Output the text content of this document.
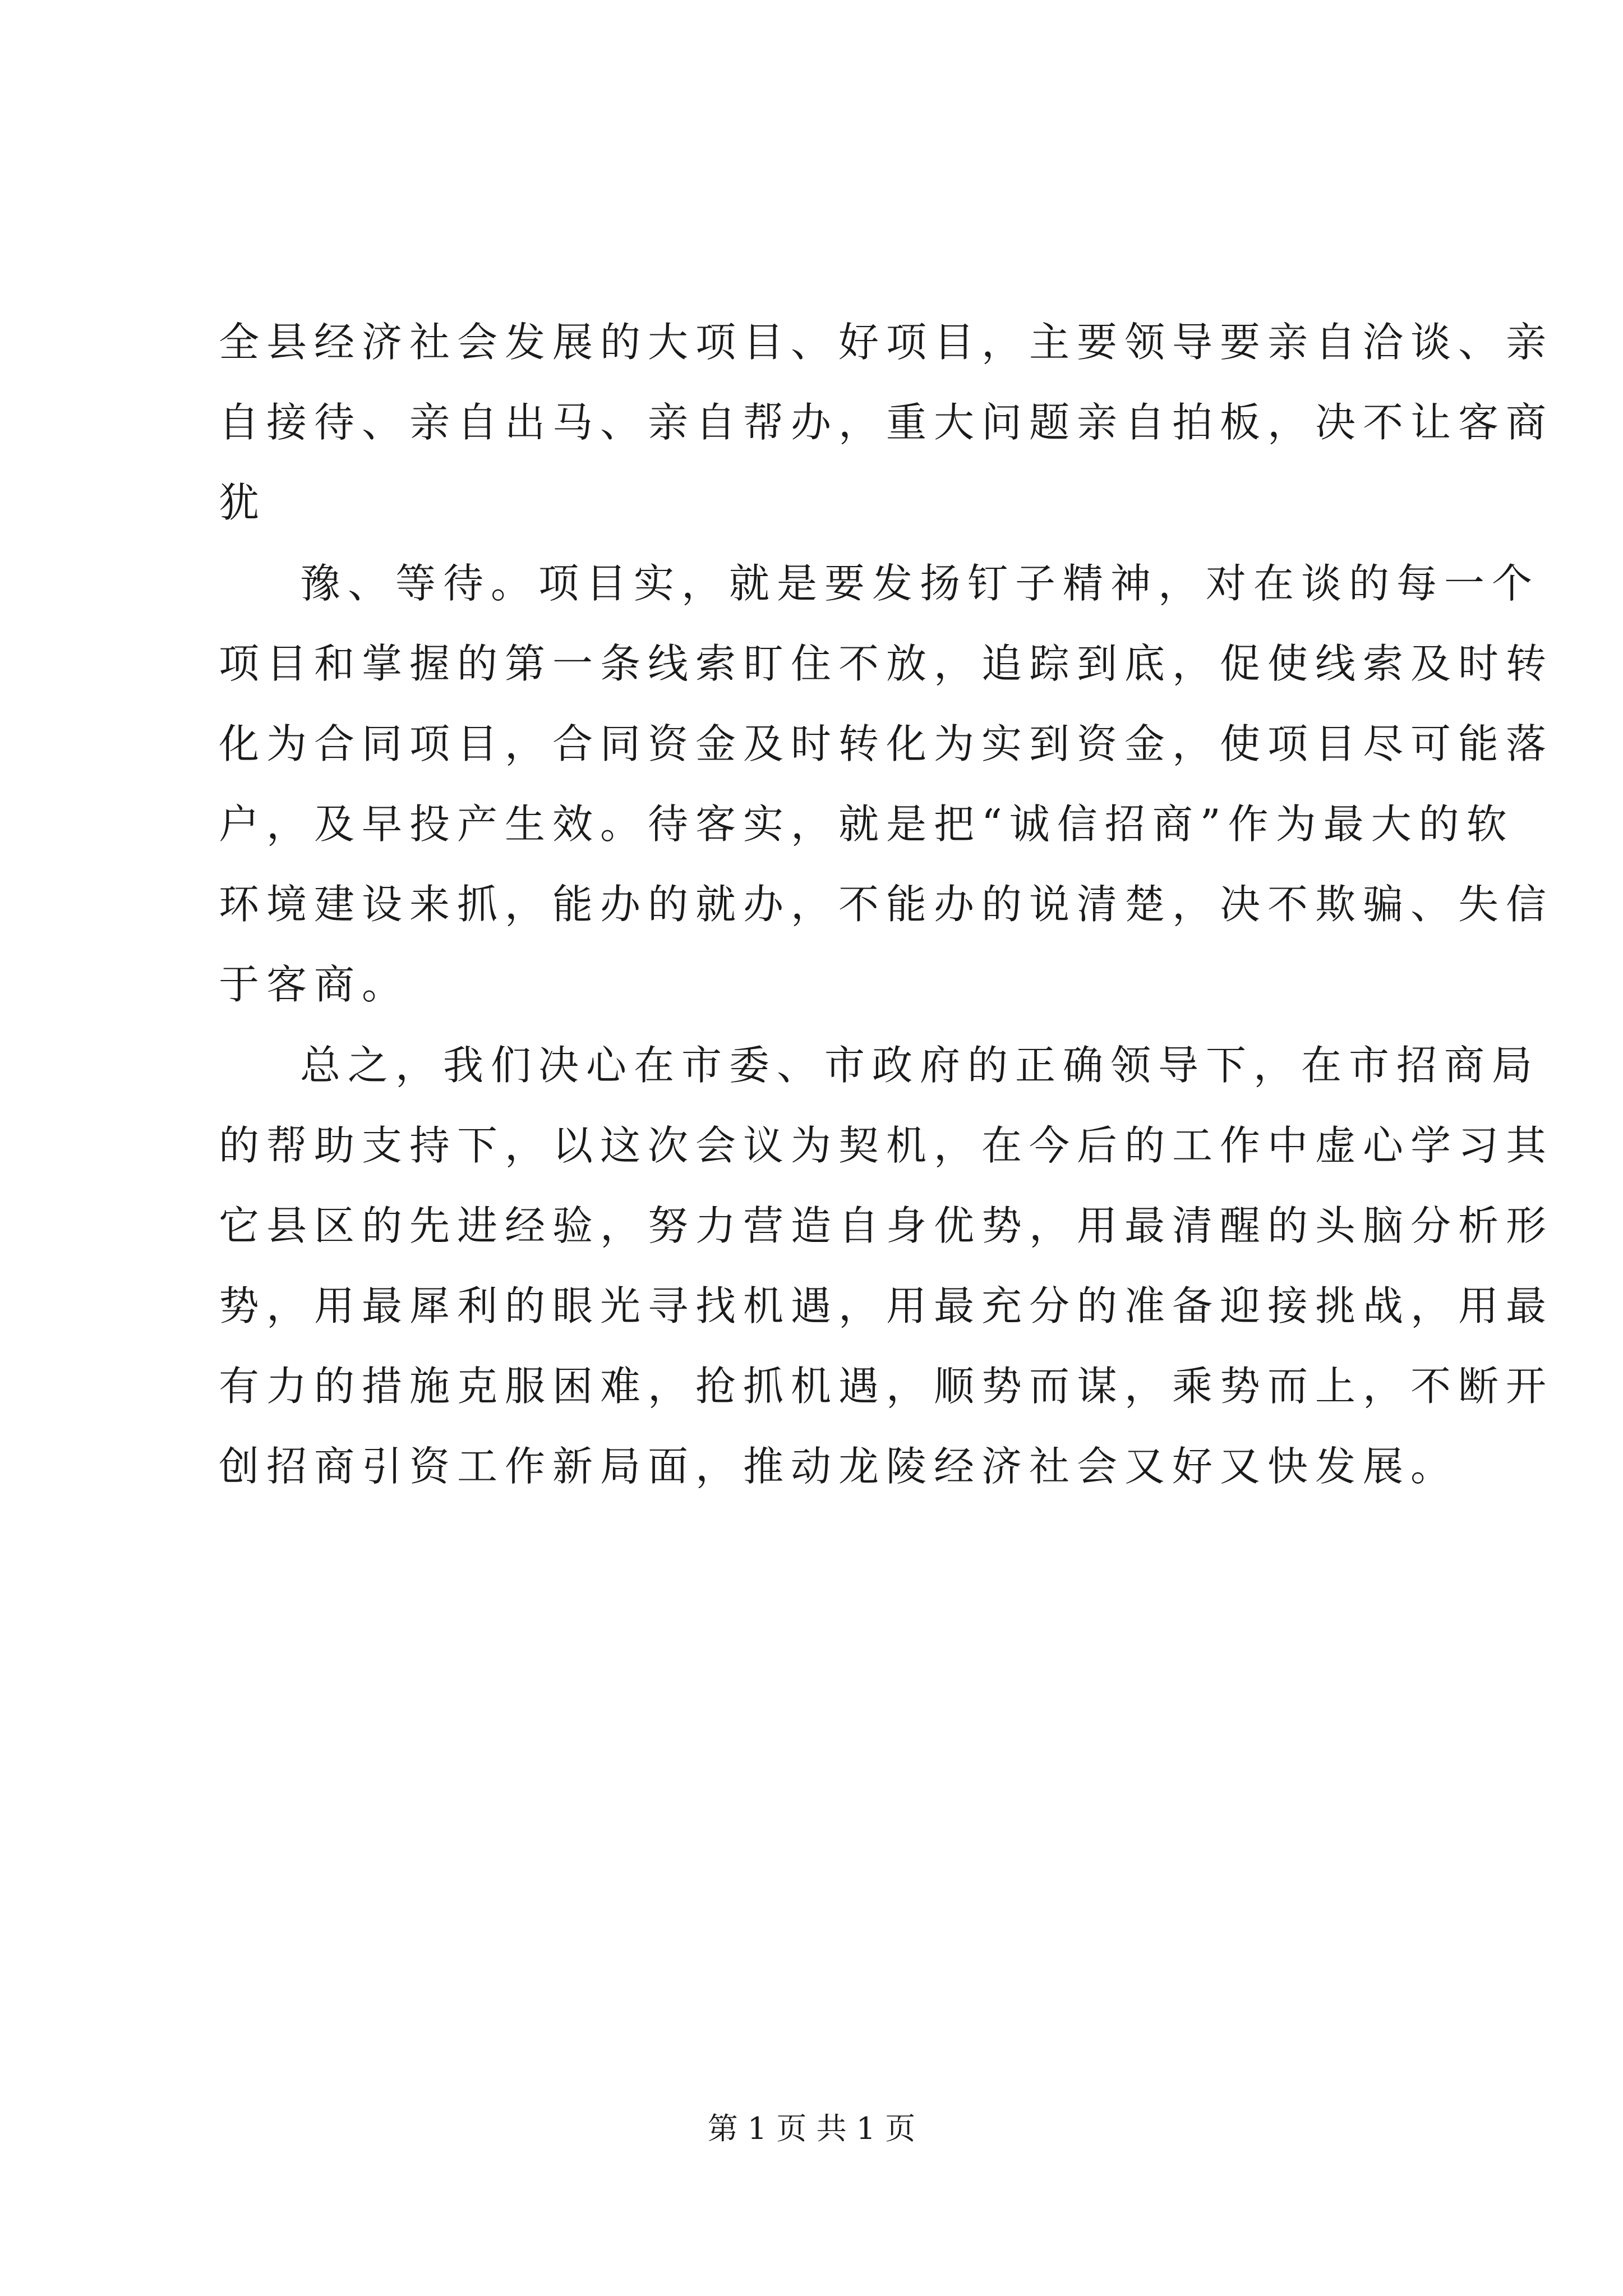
全县经济社会发展的大项目、好项目，主要领导要亲自洽谈、亲
自接待、亲自出马、亲自帮办，重大问题亲自拍板，决不让客商
犹
豫、等待。项目实，就是要发扬钉子精神，对在谈的每一个
项目和掌握的第一条线索盯住不放，追踪到底，促使线索及时转
化为合同项目，合同资金及时转化为实到资金，使项目尽可能落
户，及早投产生效。待客实，就是把“诚信招商”作为最大的软
环境建设来抓，能办的就办，不能办的说清楚，决不欺骗、失信
于客商。
总之，我们决心在市委、市政府的正确领导下，在市招商局
的帮助支持下，以这次会议为契机，在今后的工作中虚心学习其
它县区的先进经验，努力营造自身优势，用最清醒的头脑分析形
势，用最犀利的眼光寻找机遇，用最充分的准备迎接挑战，用最
有力的措施克服困难，抢抓机遇，顺势而谋，乘势而上，不断开
创招商引资工作新局面，推动龙陵经济社会又好又快发展。
第 1 页 共 1 页
